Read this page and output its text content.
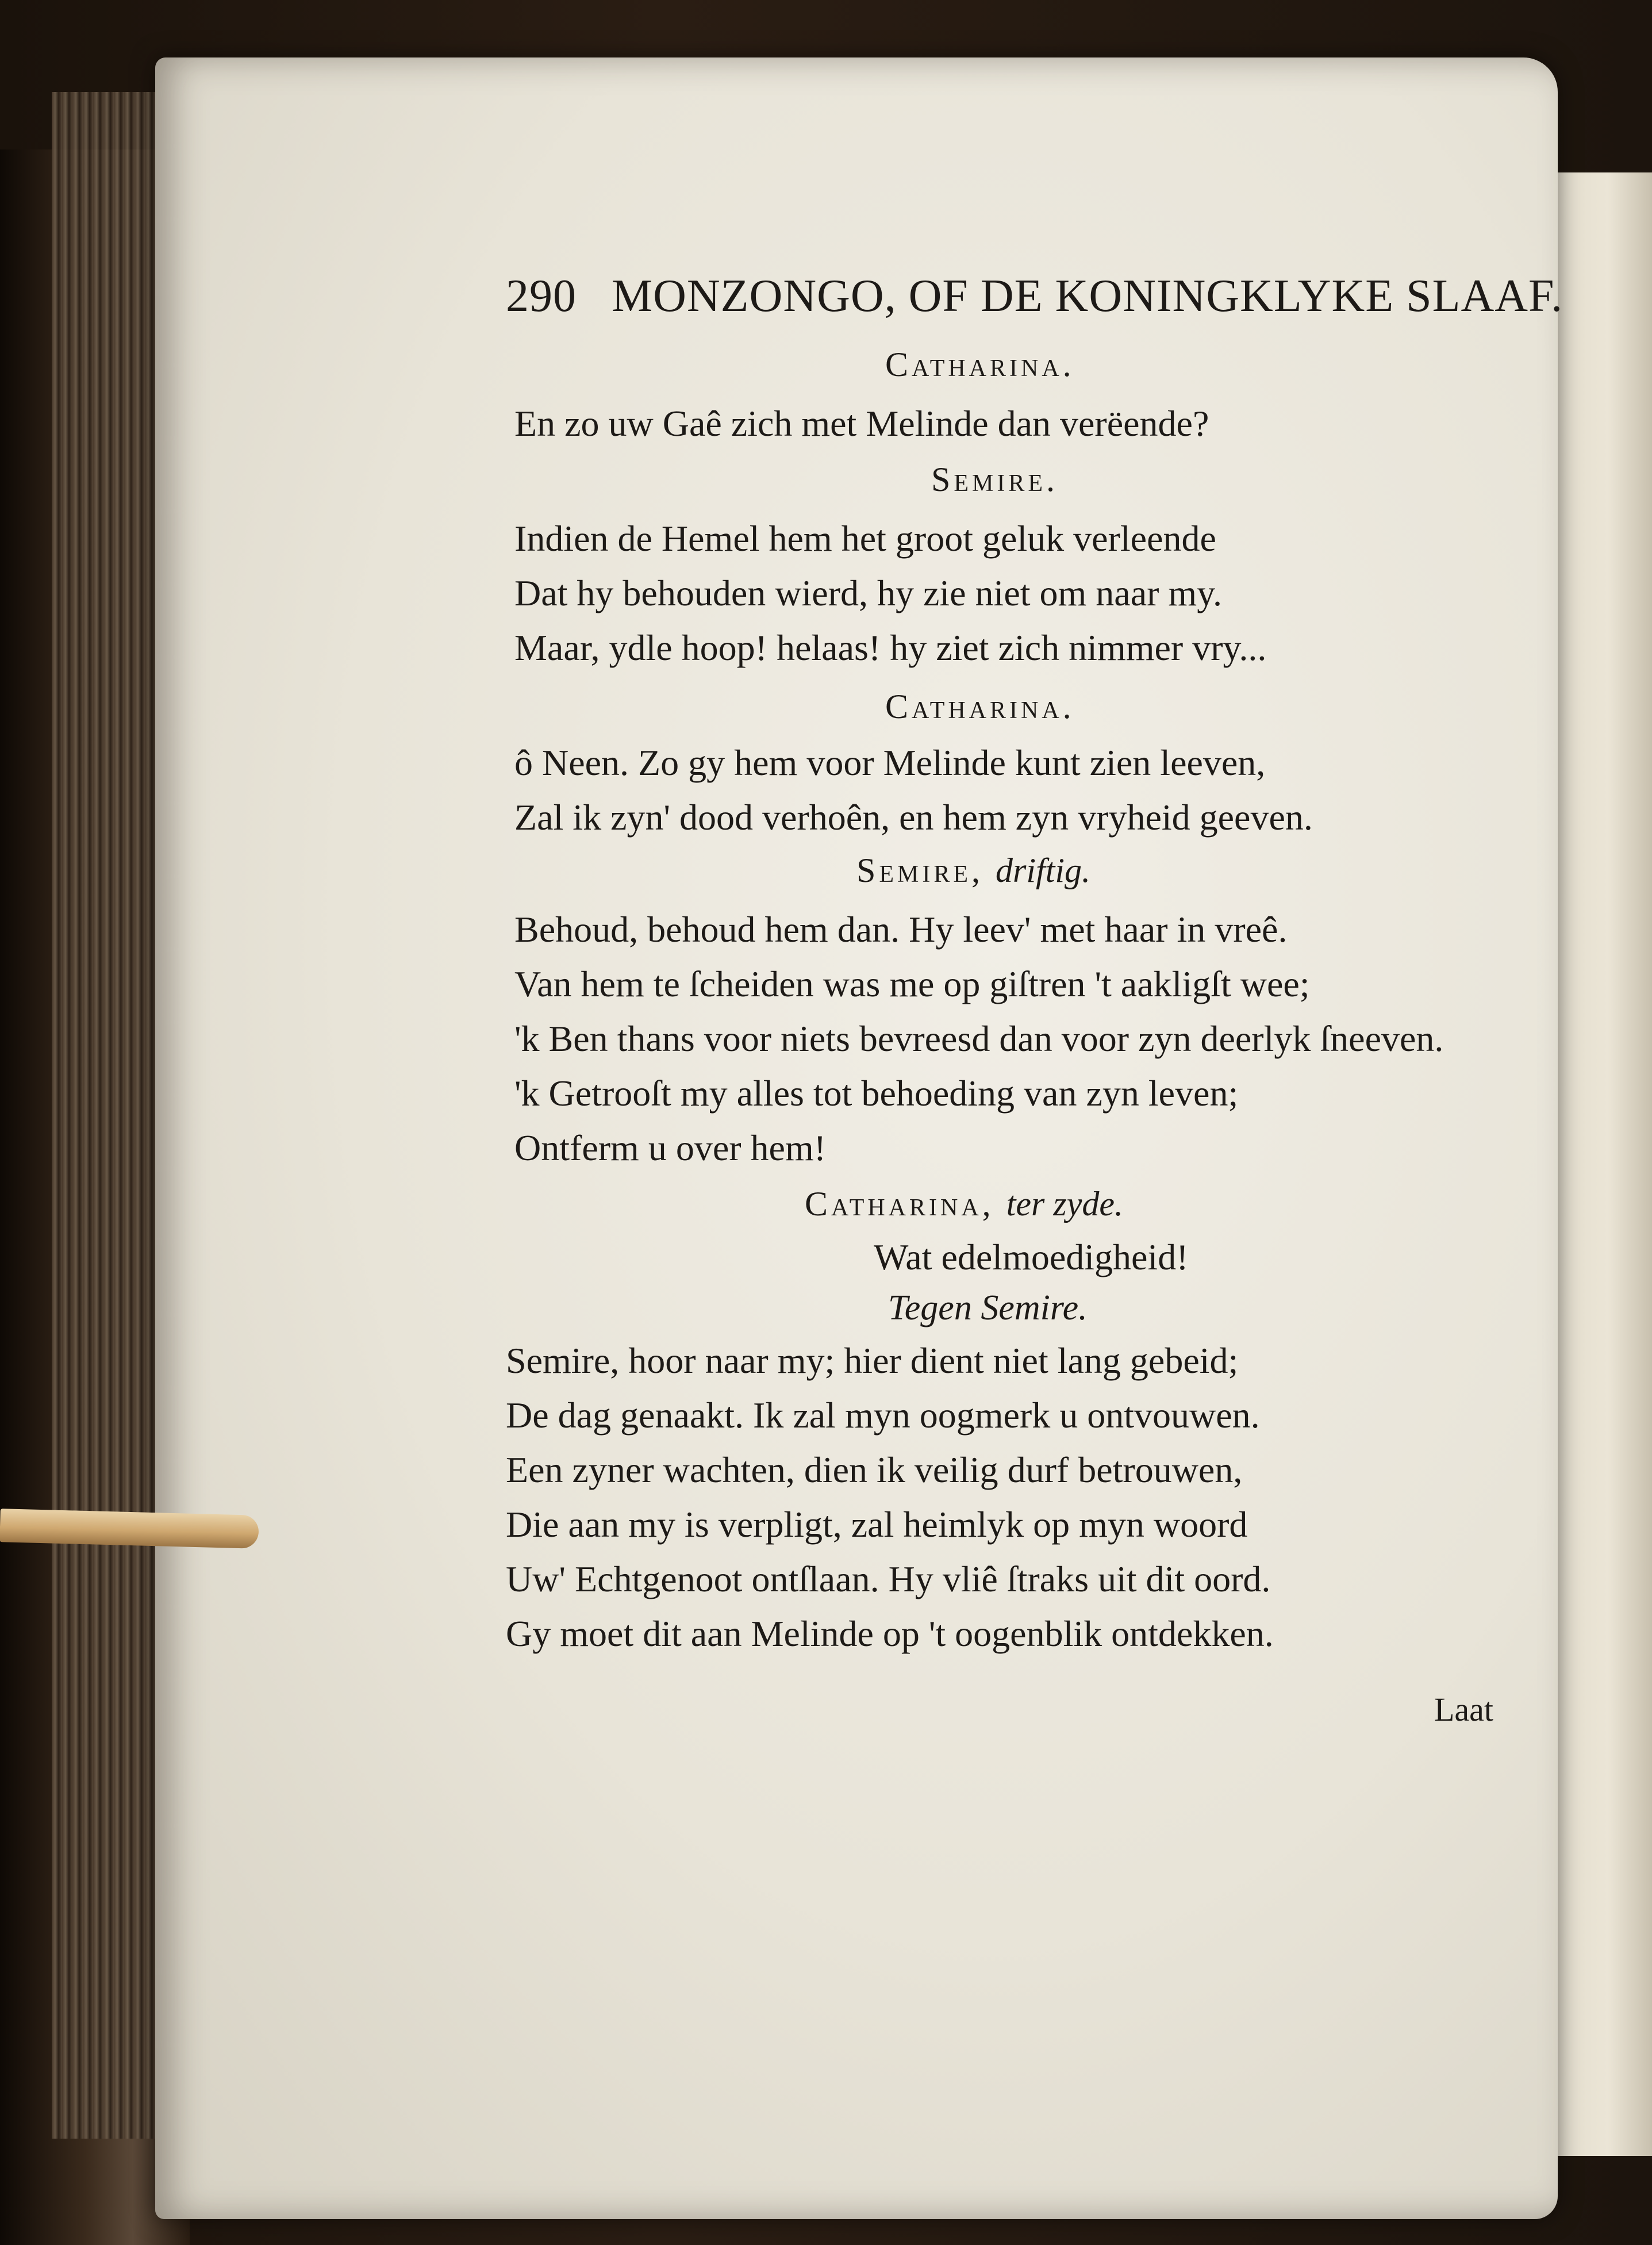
290 MONZONGO, OF DE KONINGKLYKE SLAAF.
Catharina.
En zo uw Gaê zich met Melinde dan verëende?
Semire.
Indien de Hemel hem het groot geluk verleende
Dat hy behouden wierd, hy zie niet om naar my.
Maar, ydle hoop! helaas! hy ziet zich nimmer vry...
Catharina.
ô Neen. Zo gy hem voor Melinde kunt zien leeven,
Zal ik zyn' dood verhoên, en hem zyn vryheid geeven.
Semire, driftig.
Behoud, behoud hem dan. Hy leev' met haar in vreê.
Van hem te ſcheiden was me op giſtren 't aakligſt wee;
'k Ben thans voor niets bevreesd dan voor zyn deerlyk ſneeven.
'k Getrooſt my alles tot behoeding van zyn leven;
Ontferm u over hem!
Catharina, ter zyde.
Wat edelmoedigheid!
Tegen Semire.
Semire, hoor naar my; hier dient niet lang gebeid;
De dag genaakt. Ik zal myn oogmerk u ontvouwen.
Een zyner wachten, dien ik veilig durf betrouwen,
Die aan my is verpligt, zal heimlyk op myn woord
Uw' Echtgenoot ontſlaan. Hy vliê ſtraks uit dit oord.
Gy moet dit aan Melinde op 't oogenblik ontdekken.
Laat
